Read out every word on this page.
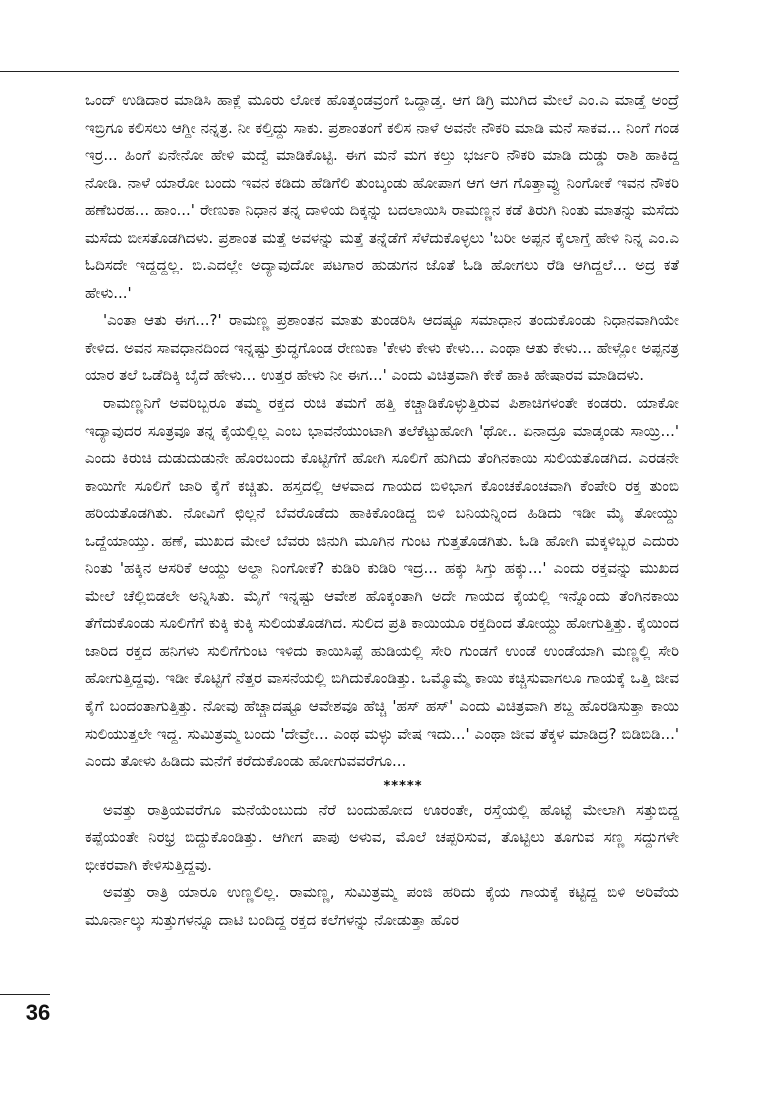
ಒಂದ್ ಉಡಿದಾರ ಮಾಡಿಸಿ ಹಾಕ್ಲೆ ಮೂರು ಲೋಕ ಹೊತ್ಕಂಡವ್ರಂಗೆ ಒದ್ದಾಡ್ತ. ಆಗ ಡಿಗ್ರಿ ಮುಗಿದ ಮೇಲೆ ಎಂ.ಎ ಮಾಡ್ತೆ ಅಂದ್ರೆ ಇಬ್ರಿಗೂ ಕಲಿಸಲು ಆಗ್ದೀ ನನ್ನತ್ರ. ನೀ ಕಲ್ತಿದ್ದು ಸಾಕು. ಪ್ರಶಾಂತಂಗೆ ಕಲಿಸ ನಾಳೆ ಅವನೇ ನೌಕರಿ ಮಾಡಿ ಮನೆ ಸಾಕವ... ನಿಂಗೆ ಗಂಡ ಇರ್ರ... ಹಿಂಗೆ ಏನೇನೋ ಹೇಳಿ ಮದ್ವೆ ಮಾಡಿಕೊಟ್ಟಿ. ಈಗ ಮನೆ ಮಗ ಕಲ್ತು ಭರ್ಜರಿ ನೌಕರಿ ಮಾಡಿ ದುಡ್ಡು ರಾಶಿ ಹಾಕಿದ್ದ ನೋಡಿ. ನಾಳೆ ಯಾರೋ ಬಂದು ಇವನ ಕಡಿದು ಹೆಡಿಗೆಲಿ ತುಂಬ್ಕಂಡು ಹೋಪಾಗ ಆಗ ಆಗ ಗೊತ್ತಾವ್ವು ನಿಂಗೋಕೆ ಇವನ ನೌಕರಿ ಹಣೆಬರಹ... ಹಾಂ...' ರೇಣುಕಾ ನಿಧಾನ ತನ್ನ ದಾಳಿಯ ದಿಕ್ಕನ್ನು ಬದಲಾಯಿಸಿ ರಾಮಣ್ಣನ ಕಡೆ ತಿರುಗಿ ನಿಂತು ಮಾತನ್ನು ಮಸೆದು ಮಸೆದು ಬೀಸತೊಡಗಿದಳು. ಪ್ರಶಾಂತ ಮತ್ತೆ ಅವಳನ್ನು ಮತ್ತೆ ತನ್ನೆಡೆಗೆ ಸೆಳೆದುಕೊಳ್ಳಲು 'ಬರೀ ಅಪ್ಪನ ಕೈಲಾಗ್ತೆ ಹೇಳಿ ನಿನ್ನ ಎಂ.ಎ ಓದಿಸದೇ ಇದ್ದದ್ದಲ್ಲ. ಬಿ.ಎದಲ್ಲೇ ಅದ್ಯಾವುದೋ ಪಟಗಾರ ಹುಡುಗನ ಜೊತೆ ಓಡಿ ಹೋಗಲು ರೆಡಿ ಆಗಿದ್ದಲೆ... ಅದ್ರ ಕತೆ ಹೇಳು...'

'ಎಂತಾ ಆತು ಈಗ...?' ರಾಮಣ್ಣ ಪ್ರಶಾಂತನ ಮಾತು ತುಂಡರಿಸಿ ಆದಷ್ಟೂ ಸಮಾಧಾನ ತಂದುಕೊಂಡು ನಿಧಾನವಾಗಿಯೇ ಕೇಳಿದ. ಅವನ ಸಾವಧಾನದಿಂದ ಇನ್ನಷ್ಟು ಕ್ರುದ್ಧಗೊಂಡ ರೇಣುಕಾ 'ಕೇಳು ಕೇಳು ಕೇಳು... ಎಂಥಾ ಆತು ಕೇಳು... ಹೇಳ್ಲೋ ಅಪ್ಪನತ್ರ ಯಾರ ತಲೆ ಒಡೆದಿಕ್ಕಿ ಬೈದೆ ಹೇಳು... ಉತ್ತರ ಹೇಳು ನೀ ಈಗ...' ಎಂದು ವಿಚಿತ್ರವಾಗಿ ಕೇಕೆ ಹಾಕಿ ಹೇಷಾರವ ಮಾಡಿದಳು.

ರಾಮಣ್ಣನಿಗೆ ಅವರಿಬ್ಬರೂ ತಮ್ಮ ರಕ್ತದ ರುಚಿ ತಮಗೆ ಹತ್ತಿ ಕಚ್ಚಾಡಿಕೊಳ್ಳುತ್ತಿರುವ ಪಿಶಾಚಿಗಳಂತೇ ಕಂಡರು. ಯಾಕೋ ಇದ್ಯಾವುದರ ಸೂತ್ರವೂ ತನ್ನ ಕೈಯಲ್ಲಿಲ್ಲ ಎಂಬ ಭಾವನೆಯುಂಟಾಗಿ ತಲೆಕೆಟ್ಟುಹೋಗಿ 'ಥೋ.. ಏನಾದ್ರೂ ಮಾಡ್ಕಂಡು ಸಾಯ್ರಿ...' ಎಂದು ಕಿರುಚಿ ದುಡುದುಡುನೇ ಹೊರಬಂದು ಕೊಟ್ಟಿಗೆಗೆ ಹೋಗಿ ಸೂಲಿಗೆ ಹುಗಿದು ತೆಂಗಿನಕಾಯಿ ಸುಲಿಯತೊಡಗಿದ. ಎರಡನೇ ಕಾಯಿಗೇ ಸೂಲಿಗೆ ಜಾರಿ ಕೈಗೆ ಕಚ್ಚಿತು. ಹಸ್ತದಲ್ಲಿ ಆಳವಾದ ಗಾಯದ ಬಿಳಿಭಾಗ ಕೊಂಚಕೊಂಚವಾಗಿ ಕೆಂಪೇರಿ ರಕ್ತ ತುಂಬಿ ಹರಿಯತೊಡಗಿತು. ನೋವಿಗೆ ಛಿಲ್ಲನೆ ಬೆವರೊಡೆದು ಹಾಕಿಕೊಂಡಿದ್ದ ಬಿಳಿ ಬನಿಯನ್ನಿಂದ ಹಿಡಿದು ಇಡೀ ಮೈ ತೋಯ್ದು ಒದ್ದೆಯಾಯ್ತು. ಹಣೆ, ಮುಖದ ಮೇಲೆ ಬೆವರು ಜಿನುಗಿ ಮೂಗಿನ ಗುಂಟ ಗುತ್ತತೊಡಗಿತು. ಓಡಿ ಹೋಗಿ ಮಕ್ಕಳಿಬ್ಬರ ಎದುರು ನಿಂತು 'ಹಕ್ಕಿನ ಆಸರಿಕೆ ಆಯ್ದು ಅಲ್ದಾ ನಿಂಗೋಕೆ? ಕುಡಿರಿ ಕುಡಿರಿ ಇದ್ರ... ಹಕ್ಕು ಸಿಗ್ತು ಹಕ್ಕು...' ಎಂದು ರಕ್ತವನ್ನು ಮುಖದ ಮೇಲೆ ಚೆಲ್ಲಿಬಿಡಲೇ ಅನ್ನಿಸಿತು. ಮೈಗೆ ಇನ್ನಷ್ಟು ಆವೇಶ ಹೊಕ್ಕಂತಾಗಿ ಅದೇ ಗಾಯದ ಕೈಯಲ್ಲಿ ಇನ್ನೊಂದು ತೆಂಗಿನಕಾಯಿ ತೆಗೆದುಕೊಂಡು ಸೂಲಿಗೆಗೆ ಕುಕ್ಕಿ ಕುಕ್ಕಿ ಸುಲಿಯತೊಡಗಿದ. ಸುಲಿದ ಪ್ರತಿ ಕಾಯಿಯೂ ರಕ್ತದಿಂದ ತೋಯ್ದು ಹೋಗುತ್ತಿತ್ತು. ಕೈಯಿಂದ ಜಾರಿದ ರಕ್ತದ ಹನಿಗಳು ಸುಲಿಗೆಗುಂಟ ಇಳಿದು ಕಾಯಿಸಿಪ್ಪೆ ಹುಡಿಯಲ್ಲಿ ಸೇರಿ ಗುಂಡಗೆ ಉಂಡೆ ಉಂಡೆಯಾಗಿ ಮಣ್ಣಲ್ಲಿ ಸೇರಿ ಹೋಗುತ್ತಿದ್ದವು. ಇಡೀ ಕೊಟ್ಟಿಗೆ ನೆತ್ತರ ವಾಸನೆಯಲ್ಲಿ ಬಿಗಿದುಕೊಂಡಿತ್ತು. ಒಮ್ಮೊಮ್ಮೆ ಕಾಯಿ ಕಚ್ಚಿಸುವಾಗಲೂ ಗಾಯಕ್ಕೆ ಒತ್ತಿ ಜೀವ ಕೈಗೆ ಬಂದಂತಾಗುತ್ತಿತ್ತು. ನೋವು ಹೆಚ್ಚಾದಷ್ಟೂ ಆವೇಶವೂ ಹೆಚ್ಚಿ 'ಹಸ್ ಹಸ್' ಎಂದು ವಿಚಿತ್ರವಾಗಿ ಶಬ್ದ ಹೊರಡಿಸುತ್ತಾ ಕಾಯಿ ಸುಲಿಯುತ್ತಲೇ ಇದ್ದ. ಸುಮಿತ್ರಮ್ಮ ಬಂದು 'ದೇವ್ರೇ... ಎಂಥ ಮಳ್ಳು ವೇಷ ಇದು...' ಎಂಥಾ ಜೀವ ತೆಕ್ಕಳ ಮಾಡಿದ್ರ? ಬಿಡಿಬಿಡಿ...' ಎಂದು ತೋಳು ಹಿಡಿದು ಮನೆಗೆ ಕರೆದುಕೊಂಡು ಹೋಗುವವರೆಗೂ...

*****

ಅವತ್ತು ರಾತ್ರಿಯವರೆಗೂ ಮನೆಯೆಂಬುದು ನೆರೆ ಬಂದುಹೋದ ಊರಂತೇ, ರಸ್ತೆಯಲ್ಲಿ ಹೊಟ್ಟೆ ಮೇಲಾಗಿ ಸತ್ತುಬಿದ್ದ ಕಪ್ಪೆಯಂತೇ ನಿರಭ್ರ ಬಿದ್ದುಕೊಂಡಿತ್ತು. ಆಗೀಗ ಪಾಪು ಅಳುವ, ಮೊಲೆ ಚಪ್ಪರಿಸುವ, ತೊಟ್ಟಿಲು ತೂಗುವ ಸಣ್ಣ ಸದ್ದುಗಳೇ ಭೀಕರವಾಗಿ ಕೇಳಿಸುತ್ತಿದ್ದವು.

ಅವತ್ತು ರಾತ್ರಿ ಯಾರೂ ಉಣ್ಣಲಿಲ್ಲ. ರಾಮಣ್ಣ, ಸುಮಿತ್ರಮ್ಮ ಪಂಜಿ ಹರಿದು ಕೈಯ ಗಾಯಕ್ಕೆ ಕಟ್ಟಿದ್ದ ಬಿಳಿ ಅರಿವೆಯ ಮೂರ್ನಾಲ್ಕು ಸುತ್ತುಗಳನ್ನೂ ದಾಟಿ ಬಂದಿದ್ದ ರಕ್ತದ ಕಲೆಗಳನ್ನು ನೋಡುತ್ತಾ ಹೊರ

36
